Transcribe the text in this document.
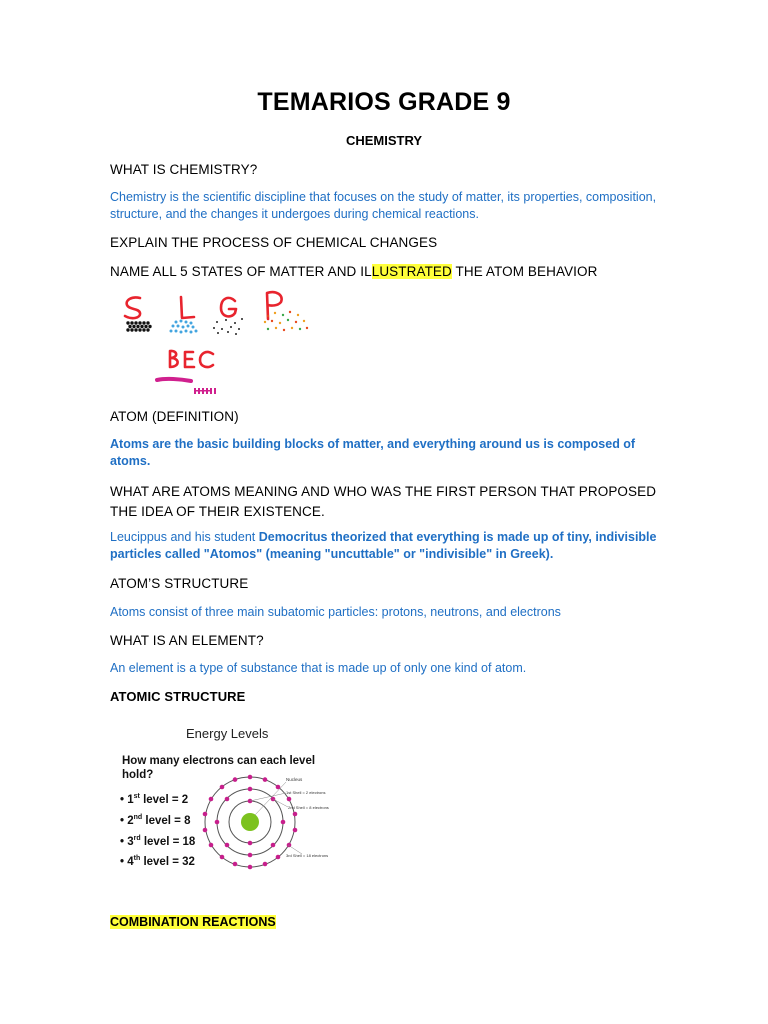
TEMARIOS GRADE 9
CHEMISTRY
WHAT IS CHEMISTRY?
Chemistry is the scientific discipline that focuses on the study of matter, its properties, composition, structure, and the changes it undergoes during chemical reactions.
EXPLAIN THE PROCESS OF CHEMICAL CHANGES
NAME ALL 5 STATES OF MATTER AND ILLUSTRATED THE ATOM BEHAVIOR
ATOM (DEFINITION)
Atoms are the basic building blocks of matter, and everything around us is composed of atoms.
WHAT ARE ATOMS MEANING AND WHO WAS THE FIRST PERSON THAT PROPOSED THE IDEA OF THEIR EXISTENCE.
Leucippus and his student Democritus theorized that everything is made up of tiny, indivisible particles called "Atomos" (meaning "uncuttable" or "indivisible" in Greek).
ATOM’S STRUCTURE
Atoms consist of three main subatomic particles: protons, neutrons, and electrons
WHAT IS AN ELEMENT?
An element is a type of substance that is made up of only one kind of atom.
ATOMIC STRUCTURE
Energy Levels
How many electrons can each level hold?
• 1st level = 2
• 2nd level = 8
• 3rd level = 18
• 4th level = 32
Nucleus
1st Shell = 2 electrons
2nd Shell = 8 electrons
3rd Shell = 18 electrons
COMBINATION REACTIONS
